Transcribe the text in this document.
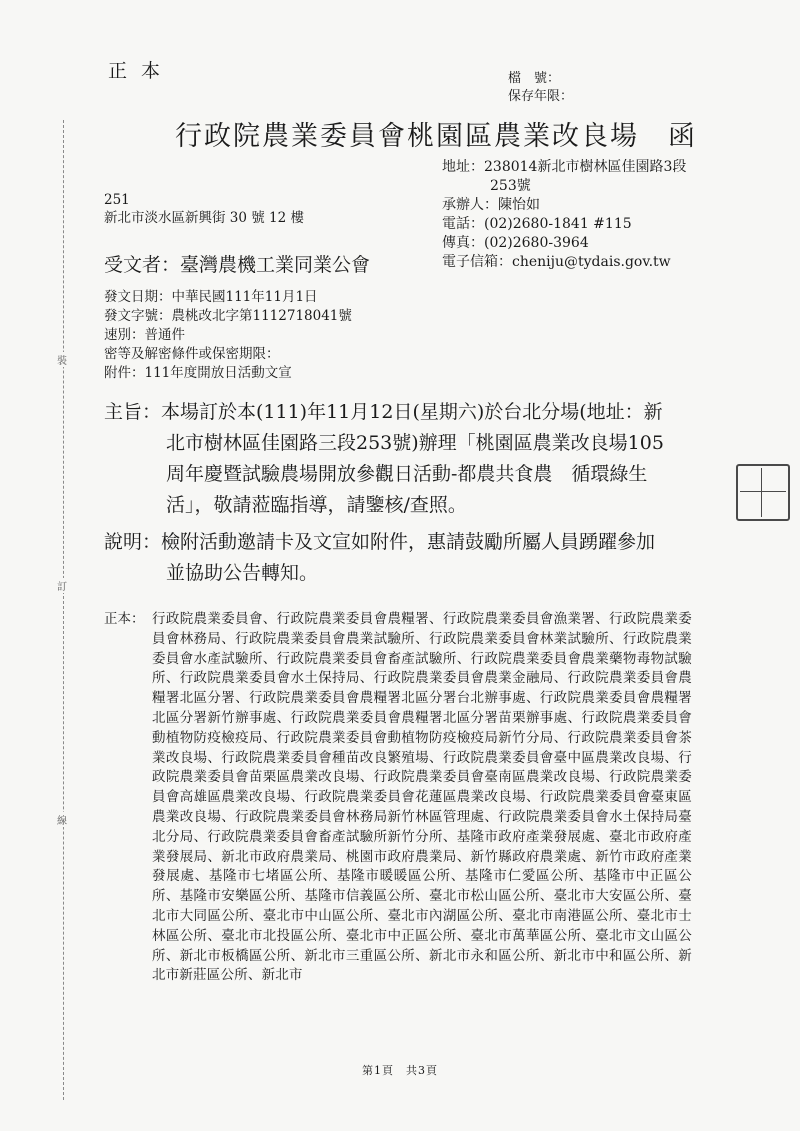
裝
訂
線
正本	檔　號：
保存年限：
行政院農業委員會桃園區農業改良場　函
地址：238014新北市樹林區佳園路3段
253號
承辦人：陳怡如
電話：(02)2680-1841 #115
傳真：(02)2680-3964
電子信箱：cheniju@tydais.gov.tw
251
新北市淡水區新興街 30 號 12 樓
受文者：臺灣農機工業同業公會
發文日期：中華民國111年11月1日
發文字號：農桃改北字第1112718041號
速別：普通件
密等及解密條件或保密期限：
附件：111年度開放日活動文宣
主旨：本場訂於本(111)年11月12日(星期六)於台北分場(地址：新
北市樹林區佳園路三段253號)辦理「桃園區農業改良場105
周年慶暨試驗農場開放參觀日活動-都農共食農　循環綠生
活」，敬請蒞臨指導，請鑒核/查照。
說明：檢附活動邀請卡及文宣如附件，惠請鼓勵所屬人員踴躍參加
並協助公告轉知。
正本： 行政院農業委員會、行政院農業委員會農糧署、行政院農業委員會漁業署、行政院農業委員會林務局、行政院農業委員會農業試驗所、行政院農業委員會林業試驗所、行政院農業委員會水產試驗所、行政院農業委員會畜產試驗所、行政院農業委員會農業藥物毒物試驗所、行政院農業委員會水土保持局、行政院農業委員會農業金融局、行政院農業委員會農糧署北區分署、行政院農業委員會農糧署北區分署台北辦事處、行政院農業委員會農糧署北區分署新竹辦事處、行政院農業委員會農糧署北區分署苗栗辦事處、行政院農業委員會動植物防疫檢疫局、行政院農業委員會動植物防疫檢疫局新竹分局、行政院農業委員會茶業改良場、行政院農業委員會種苗改良繁殖場、行政院農業委員會臺中區農業改良場、行政院農業委員會苗栗區農業改良場、行政院農業委員會臺南區農業改良場、行政院農業委員會高雄區農業改良場、行政院農業委員會花蓮區農業改良場、行政院農業委員會臺東區農業改良場、行政院農業委員會林務局新竹林區管理處、行政院農業委員會水土保持局臺北分局、行政院農業委員會畜產試驗所新竹分所、基隆市政府產業發展處、臺北市政府產業發展局、新北市政府農業局、桃園市政府農業局、新竹縣政府農業處、新竹市政府產業發展處、基隆市七堵區公所、基隆市暖暖區公所、基隆市仁愛區公所、基隆市中正區公所、基隆市安樂區公所、基隆市信義區公所、臺北市松山區公所、臺北市大安區公所、臺北市大同區公所、臺北市中山區公所、臺北市內湖區公所、臺北市南港區公所、臺北市士林區公所、臺北市北投區公所、臺北市中正區公所、臺北市萬華區公所、臺北市文山區公所、新北市板橋區公所、新北市三重區公所、新北市永和區公所、新北市中和區公所、新北市新莊區公所、新北市
第1頁　共3頁
